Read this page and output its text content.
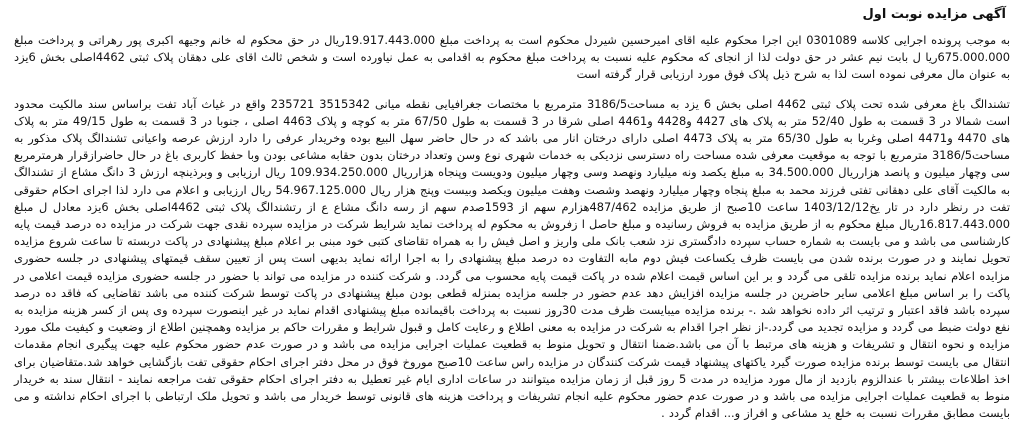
آگهی مزایده نوبت اول

به موجب پرونده اجرایی کلاسه 0301089 این اجرا محکوم علیه اقای امیرحسین شیردل محکوم است به پرداخت مبلغ 19.917.443.000ریال در حق محکوم له خانم وجیهه اکبری پور رهراتی و پرداخت مبلغ 675.000.000ریا ل بابت نیم عشر در حق دولت لذا از انجای که محکوم علیه نسبت به پرداخت مبلغ محکوم به اقدامی به عمل نیاورده است و شخص ثالث اقای علی دهقان پلاک ثبتی 4462اصلی بخش 6یزد به عنوان مال معرفی نموده است لذا به شرح ذیل پلاک فوق مورد ارزیابی قرار گرفته است

تشندالگ باغ معرفی شده تحت پلاک ثبتی 4462 اصلی بخش 6 یزد به مساحت3186/5 مترمربع با مختصات جغرافیایی نقطه میانی 3515342 235721 واقع در غیاث آباد تفت براساس سند مالکیت محدود است شمالا در 3 قسمت به طول 52/40 متر به پلاک های 4427 و4428 و4461 اصلی شرقا در 3 قسمت به طول 67/50 متر به کوچه و پلاک 4463 اصلی ، جنوبا در 3 قسمت به طول 49/15 متر به پلاک های 4470 و4471 اصلی وغربا به طول 65/30 متر به پلاک 4473 اصلی دارای درختان انار می باشد که در حال حاضر سهل البیع بوده وخریدار عرفی را دارد ارزش عرصه واعیانی تشندالگ پلاک مذکور به مساحت3186/5 مترمربع با توجه به موقعیت معرفی شده مساحت راه دسترسی نزدیکی به خدمات شهری نوع وسن وتعداد درختان بدون حقابه مشاعی بودن وبا حفظ کاربری باغ در حال حاضرازقرار هرمترمربع سی وچهار میلیون و پانصد هزارریال 34.500.000 به مبلغ یکصد ونه میلیارد ونهصد وسی وچهار میلیون ودویست وپنجاه هزارریال 109.934.250.000 ریال ارزیابی و وبرذینچه ارزش 3 دانگ مشاع از تشندالگ به مالکیت آقای علی دهقانی تفتی فرزند محمد به مبلغ پنجاه وچهار میلیارد ونهصد وشصت وهفت میلیون ویکصد وبیست وپنج هزار ریال 54.967.125.000 ریال ارزیابی و اعلام می دارد لذا اجرای احکام حقوقی تفت در رنظر دارد در تار یخ1403/12/12 ساعت 10صبح از طریق مزایده 487/462هزارم سهم از 1593صدم سهم از رسه دانگ مشاع ع از رتشندالگ پلاک ثبتی 4462اصلی بخش 6یزد معادل ل مبلغ 16.817.443.000ریال مبلغ محکوم به از طریق مزایده به فروش رسانیده و مبلغ حاصل ا زفروش به محکوم له پرداخت نماید شرایط شرکت در مزایده سپرده نقدی جهت شرکت در مزایده ده درصد قیمت پایه کارشناسی می باشد و می بایست به شماره حساب سپرده دادگستری نزد شعب بانک ملی واریز و اصل فیش را به همراه تقاضای کتبی خود مبنی بر اعلام مبلغ پیشنهادی در پاکت دربسته تا ساعت شروع مزایده تحویل نمایند و در صورت برنده شدن می بایست ظرف یکساعت فیش دوم مابه التفاوت ده درصد مبلغ پیشنهادی را به اجرا ارائه نماید بدیهی است پس از تعیین سقف قیمتهای پیشنهادی در جلسه حضوری مزایده اعلام نماید برنده مزایده تلقی می گردد و بر این اساس قیمت اعلام شده در پاکت قیمت پایه محسوب می گردد. و شرکت کننده در مزایده می تواند با حضور در جلسه حضوری مزایده قیمت اعلامی در پاکت را بر اساس مبلغ اعلامی سایر حاضرین در جلسه مزایده افزایش دهد عدم حضور در جلسه مزایده بمنزله قطعی بودن مبلغ پیشنهادی در پاکت توسط شرکت کننده می باشد تقاضایی که فاقد ده درصد سپرده باشد فاقد اعتبار و ترتیب اثر داده نخواهد شد .- برنده مزایده میبایست ظرف مدت 30روز نسبت به پرداخت باقیمانده مبلغ پیشنهادی اقدام نماید در غیر اینصورت سپرده وی پس از کسر هزینه مزایده به نفع دولت ضبط می گردد و مزایده تجدید می گردد.-از نظر اجرا اقدام به شرکت در مزایده به معنی اطلاع و رعایت کامل و قبول شرایط و مقررات حاکم بر مزایده وهمچنین اطلاع از وضعیت و کیفیت ملک مورد مزایده و نحوه انتقال و تشریفات و هزینه های مرتبط با آن می باشد.ضمنا انتقال و تحویل منوط به قطعیت عملیات اجرایی مزایده می باشد و در صورت عدم حضور محکوم علیه جهت پیگیری انجام مقدمات انتقال می بایست توسط برنده مزایده صورت گیرد یاکتهای پیشنهاد قیمت شرکت کنندگان در مزایده راس ساعت 10صبح موروخ فوق در محل دفتر اجرای احکام حقوقی تفت بازگشایی خواهد شد.متقاضیان برای اخذ اطلاعات بیشتر با عندالزوم بازدید از مال مورد مزایده در مدت 5 روز قبل از زمان مزایده میتوانند در ساعات اداری ایام غیر تعطیل به دفتر اجرای احکام حقوقی تفت مراجعه نمایند - انتقال سند به خریدار منوط به قطعیت عملیات اجرایی مزایده می باشد و در صورت عدم حضور محکوم علیه انجام تشریفات و پرداخت هزینه های قانونی توسط خریدار می باشد و تحویل ملک ارتباطی با اجرای احکام نداشته و می بایست مطابق مقررات نسبت به خلع ید مشاعی و افراز و... اقدام گردد .
